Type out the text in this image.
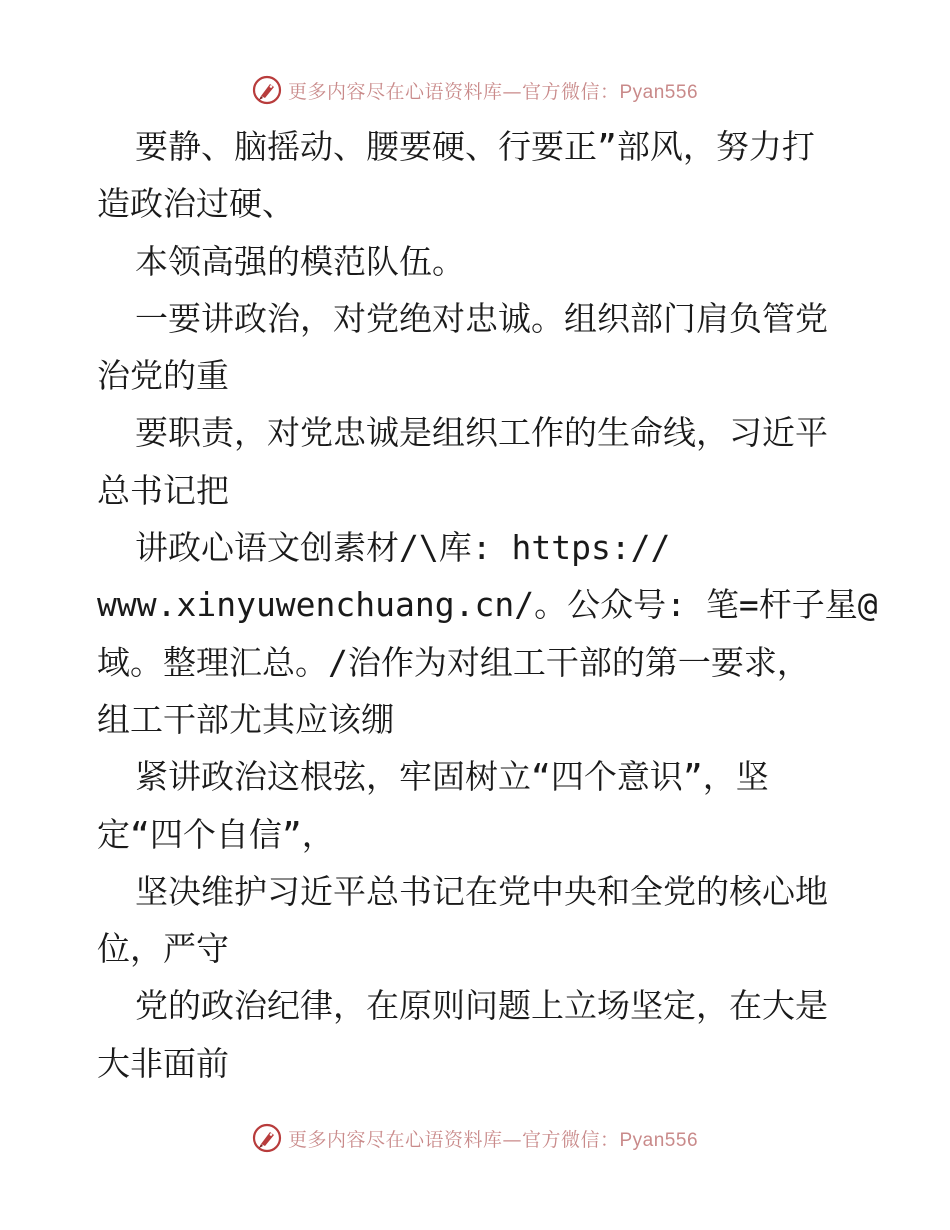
更多内容尽在心语资料库—官方微信：Pyan556
要静、脑摇动、腰要硬、行要正”部风，努力打
造政治过硬、
本领高强的模范队伍。
一要讲政治，对党绝对忠诚。组织部门肩负管党
治党的重
要职责，对党忠诚是组织工作的生命线，习近平
总书记把
讲政心语文创素材/\库: https://
www.xinyuwenchuang.cn/。公众号: 笔=杆子星@
域。整理汇总。/治作为对组工干部的第一要求，
组工干部尤其应该绷
紧讲政治这根弦，牢固树立“四个意识”，坚
定“四个自信”，
坚决维护习近平总书记在党中央和全党的核心地
位，严守
党的政治纪律，在原则问题上立场坚定，在大是
大非面前
更多内容尽在心语资料库—官方微信：Pyan556
